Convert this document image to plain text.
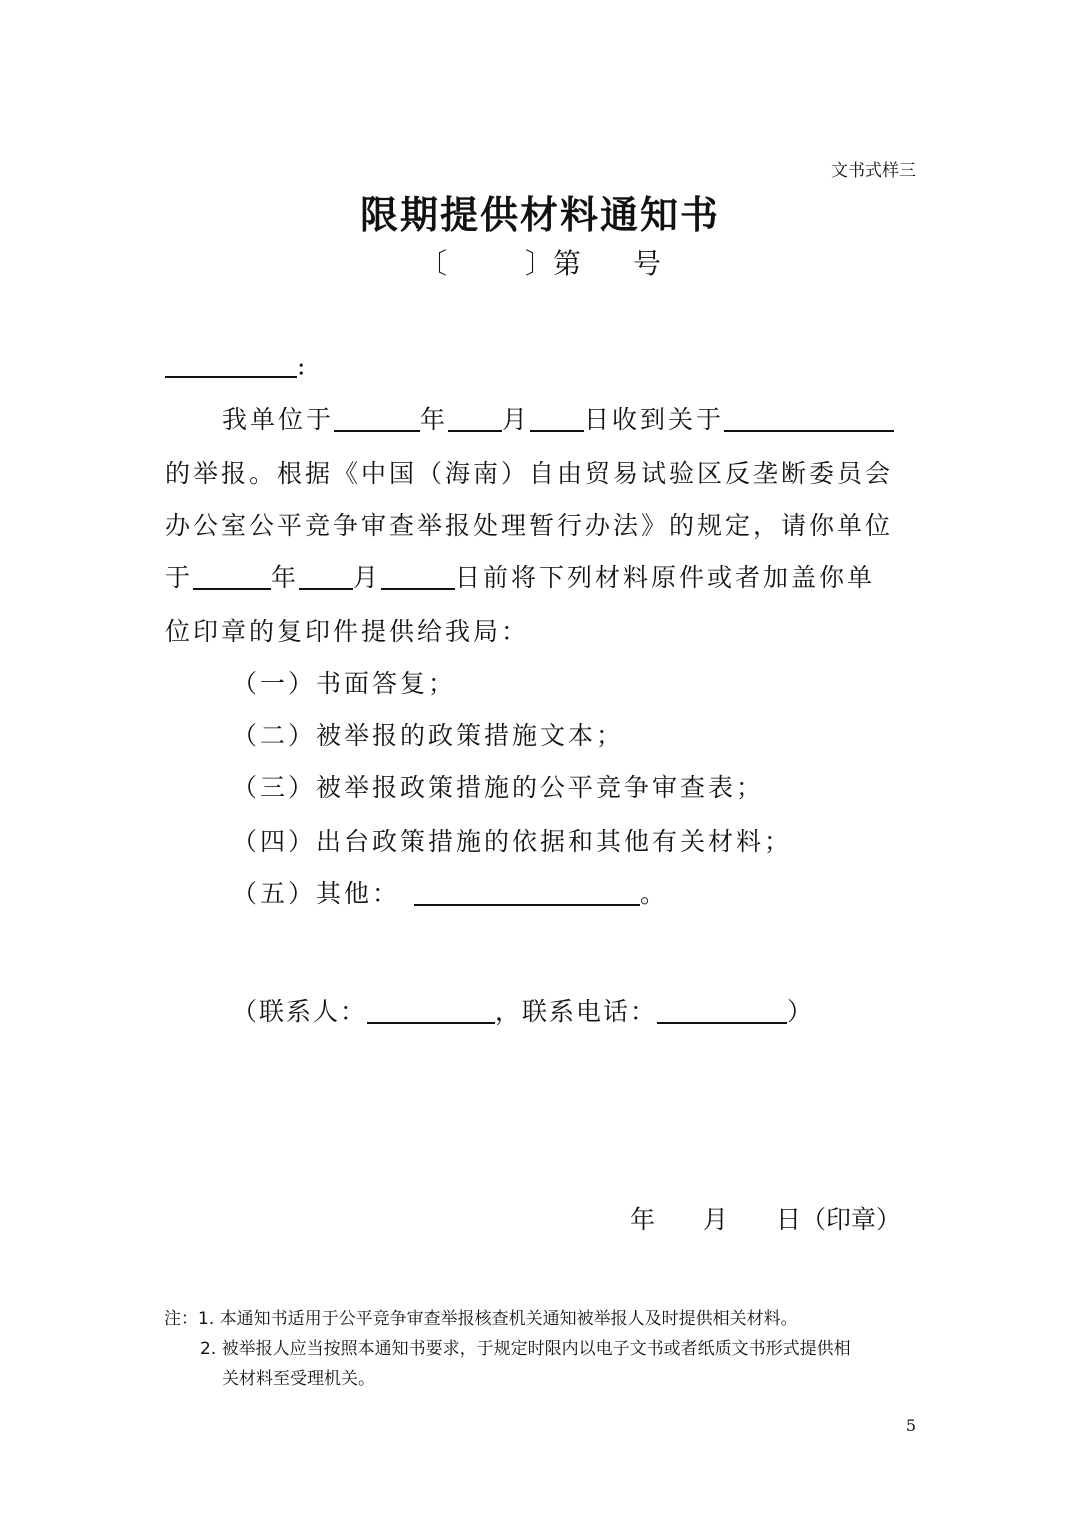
文书式样三
限期提供材料通知书
〔	〕第 号
:
我单位于	年 月 日收到关于
的举报。根据《中国（海南）自由贸易试验区反垄断委员会
办公室公平竞争审查举报处理暂行办法》的规定，请你单位
于	年 月	日前将下列材料原件或者加盖你单
位印章的复印件提供给我局：
（一）书面答复；
（二）被举报的政策措施文本；
（三）被举报政策措施的公平竞争审查表；
（四）出台政策措施的依据和其他有关材料；
（五）其他：	。
（联系人：	，联系电话：	）
年 月 日（印章）
注：1. 本通知书适用于公平竞争审查举报核查机关通知被举报人及时提供相关材料。
2. 被举报人应当按照本通知书要求，于规定时限内以电子文书或者纸质文书形式提供相
关材料至受理机关。
5
